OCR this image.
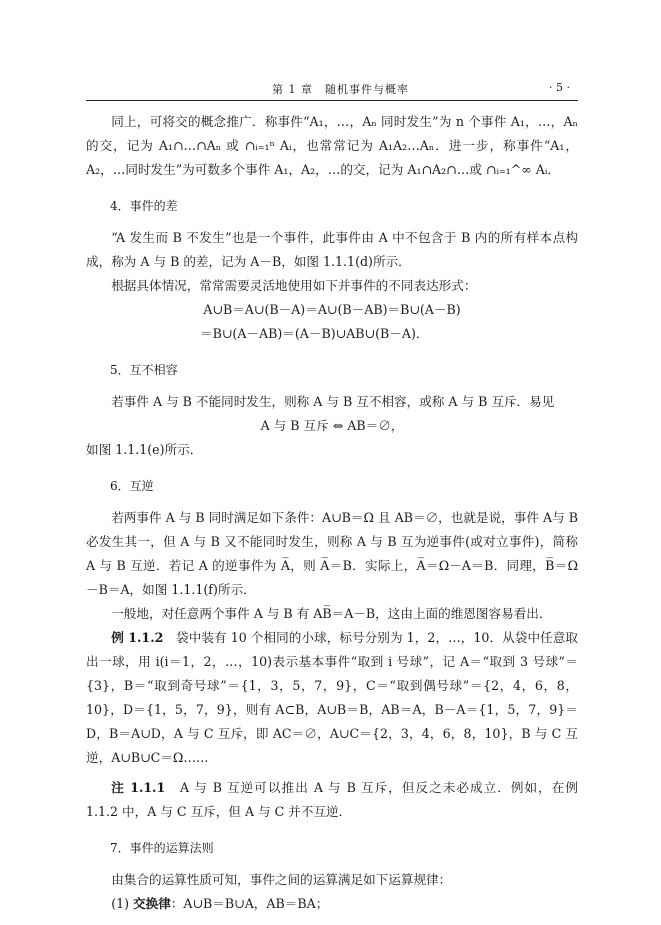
第 1 章　随机事件与概率	· 5 ·

同上，可将交的概念推广．称事件“A₁，…，Aₙ 同时发生”为 n 个事件 A₁，…，Aₙ 的交，记为 A₁∩…∩Aₙ 或 ∩ᵢ₌₁ⁿ Aᵢ，也常常记为 A₁A₂…Aₙ．进一步，称事件“A₁，A₂，…同时发生”为可数多个事件 A₁，A₂，…的交，记为 A₁∩A₂∩…或 ∩ᵢ₌₁^∞ Aᵢ．

4．事件的差

“A 发生而 B 不发生”也是一个事件，此事件由 A 中不包含于 B 内的所有样本点构成，称为 A 与 B 的差，记为 A－B，如图 1.1.1(d)所示．

根据具体情况，常常需要灵活地使用如下并事件的不同表达形式：

A∪B＝A∪(B－A)＝A∪(B－AB)＝B∪(A－B)

＝B∪(A－AB)＝(A－B)∪AB∪(B－A)．

5．互不相容

若事件 A 与 B 不能同时发生，则称 A 与 B 互不相容，或称 A 与 B 互斥．易见

A 与 B 互斥 ⇔ AB＝∅，

如图 1.1.1(e)所示．

6．互逆

若两事件 A 与 B 同时满足如下条件：A∪B＝Ω 且 AB＝∅，也就是说，事件 A与 B 必发生其一，但 A 与 B 又不能同时发生，则称 A 与 B 互为逆事件(或对立事件)，简称 A 与 B 互逆．若记 A 的逆事件为 A̅，则 A̅＝B．实际上，A̅＝Ω－A＝B．同理，B̅＝Ω－B＝A，如图 1.1.1(f)所示．

一般地，对任意两个事件 A 与 B 有 AB̅＝A－B，这由上面的维恩图容易看出．

例 1.1.2　袋中装有 10 个相同的小球，标号分别为 1，2，…，10．从袋中任意取出一球，用 i(i＝1，2，…，10)表示基本事件“取到 i 号球”，记 A＝“取到 3 号球”＝{3}，B＝“取到奇号球”＝{1，3，5，7，9}，C＝“取到偶号球”＝{2，4，6，8，10}，D＝{1，5，7，9}，则有 A⊂B，A∪B＝B，AB＝A，B－A＝{1，5，7，9}＝D，B＝A∪D，A 与 C 互斥，即 AC＝∅，A∪C＝{2，3，4，6，8，10}，B 与 C 互逆，A∪B∪C＝Ω……

注 1.1.1　A 与 B 互逆可以推出 A 与 B 互斥，但反之未必成立．例如，在例 1.1.2 中，A 与 C 互斥，但 A 与 C 并不互逆．

7．事件的运算法则

由集合的运算性质可知，事件之间的运算满足如下运算规律：

(1) 交换律：A∪B＝B∪A，AB＝BA；
